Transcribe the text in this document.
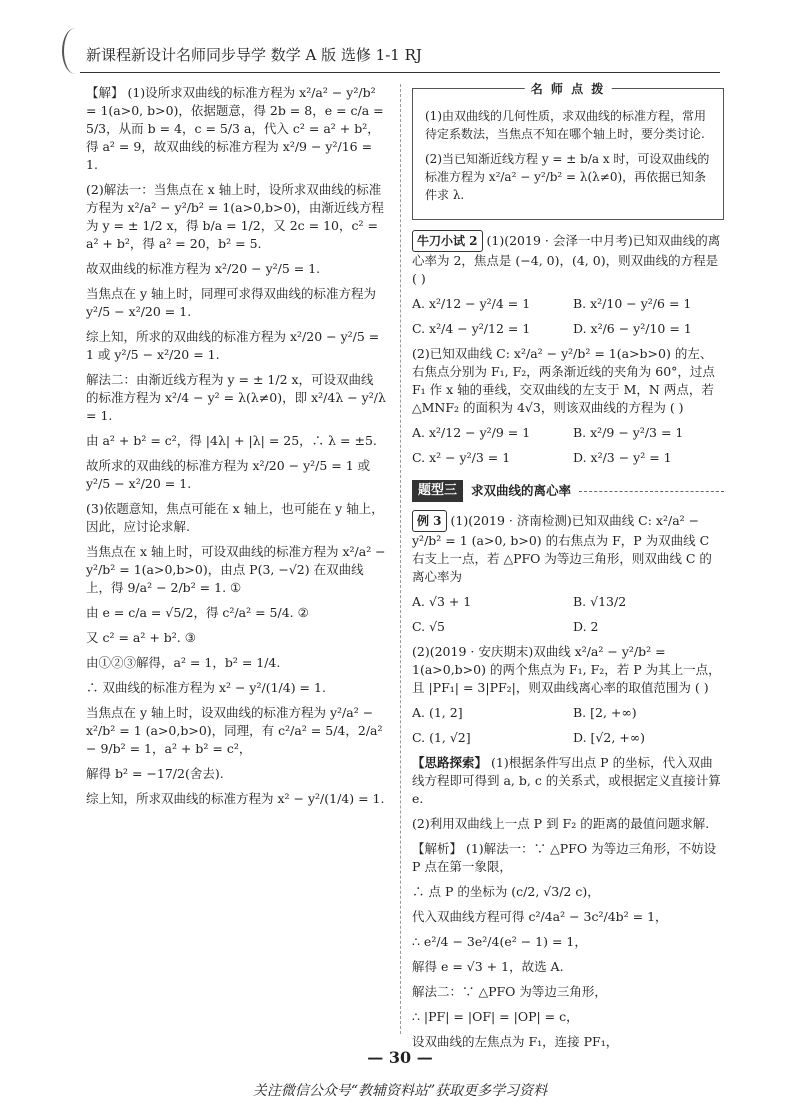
新课程新设计名师同步导学 数学 A 版 选修 1-1 RJ

【解】 (1)设所求双曲线的标准方程为 x²/a² − y²/b² = 1(a>0, b>0)，依据题意，得 2b = 8，e = c/a = 5/3，从而 b = 4，c = 5/3 a，代入 c² = a² + b²，得 a² = 9，故双曲线的标准方程为 x²/9 − y²/16 = 1.

(2)解法一：当焦点在 x 轴上时，设所求双曲线的标准方程为 x²/a² − y²/b² = 1(a>0,b>0)，由渐近线方程为 y = ± 1/2 x，得 b/a = 1/2，又 2c = 10，c² = a² + b²，得 a² = 20，b² = 5.

故双曲线的标准方程为 x²/20 − y²/5 = 1.

当焦点在 y 轴上时，同理可求得双曲线的标准方程为 y²/5 − x²/20 = 1.

综上知，所求的双曲线的标准方程为 x²/20 − y²/5 = 1 或 y²/5 − x²/20 = 1.

解法二：由渐近线方程为 y = ± 1/2 x，可设双曲线的标准方程为 x²/4 − y² = λ(λ≠0)，即 x²/4λ − y²/λ = 1.

由 a² + b² = c²，得 |4λ| + |λ| = 25，∴ λ = ±5.

故所求的双曲线的标准方程为 x²/20 − y²/5 = 1 或 y²/5 − x²/20 = 1.

(3)依题意知，焦点可能在 x 轴上，也可能在 y 轴上，因此，应讨论求解.

当焦点在 x 轴上时，可设双曲线的标准方程为 x²/a² − y²/b² = 1(a>0,b>0)，由点 P(3, −√2) 在双曲线上，得 9/a² − 2/b² = 1. ①

由 e = c/a = √5/2，得 c²/a² = 5/4. ②

又 c² = a² + b². ③

由①②③解得，a² = 1，b² = 1/4.

∴ 双曲线的标准方程为 x² − y²/(1/4) = 1.

当焦点在 y 轴上时，设双曲线的标准方程为 y²/a² − x²/b² = 1 (a>0,b>0)，同理，有 c²/a² = 5/4，2/a² − 9/b² = 1，a² + b² = c²，

解得 b² = −17/2(舍去).

综上知，所求双曲线的标准方程为 x² − y²/(1/4) = 1.

名 师 点 拨

(1)由双曲线的几何性质，求双曲线的标准方程，常用待定系数法，当焦点不知在哪个轴上时，要分类讨论.

(2)当已知渐近线方程 y = ± b/a x 时，可设双曲线的标准方程为 x²/a² − y²/b² = λ(λ≠0)，再依据已知条件求 λ.

牛刀小试 2 (1)(2019 · 会泽一中月考)已知双曲线的离心率为 2，焦点是 (−4, 0)，(4, 0)，则双曲线的方程是 ( )

A. x²/12 − y²/4 = 1	B. x²/10 − y²/6 = 1

C. x²/4 − y²/12 = 1	D. x²/6 − y²/10 = 1

(2)已知双曲线 C: x²/a² − y²/b² = 1(a>b>0) 的左、右焦点分别为 F₁, F₂，两条渐近线的夹角为 60°，过点 F₁ 作 x 轴的垂线，交双曲线的左支于 M，N 两点，若 △MNF₂ 的面积为 4√3，则该双曲线的方程为 ( )

A. x²/12 − y²/9 = 1	B. x²/9 − y²/3 = 1

C. x² − y²/3 = 1	D. x²/3 − y² = 1

题型三	求双曲线的离心率

例 3 (1)(2019 · 济南检测)已知双曲线 C: x²/a² − y²/b² = 1 (a>0, b>0) 的右焦点为 F，P 为双曲线 C 右支上一点，若 △PFO 为等边三角形，则双曲线 C 的离心率为

A. √3 + 1	B. √13/2

C. √5	D. 2

(2)(2019 · 安庆期末)双曲线 x²/a² − y²/b² = 1(a>0,b>0) 的两个焦点为 F₁, F₂，若 P 为其上一点，且 |PF₁| = 3|PF₂|，则双曲线离心率的取值范围为 ( )

A. (1, 2]	B. [2, +∞)

C. (1, √2]	D. [√2, +∞)

【思路探索】 (1)根据条件写出点 P 的坐标，代入双曲线方程即可得到 a, b, c 的关系式，或根据定义直接计算 e.

(2)利用双曲线上一点 P 到 F₂ 的距离的最值问题求解.

【解析】 (1)解法一：∵ △PFO 为等边三角形，不妨设 P 点在第一象限，

∴ 点 P 的坐标为 (c/2, √3/2 c)，

代入双曲线方程可得 c²/4a² − 3c²/4b² = 1，

∴ e²/4 − 3e²/4(e² − 1) = 1，

解得 e = √3 + 1，故选 A.

解法二：∵ △PFO 为等边三角形，

∴ |PF| = |OF| = |OP| = c，

设双曲线的左焦点为 F₁，连接 PF₁，

— 30 —
关注微信公众号“教辅资料站”获取更多学习资料
